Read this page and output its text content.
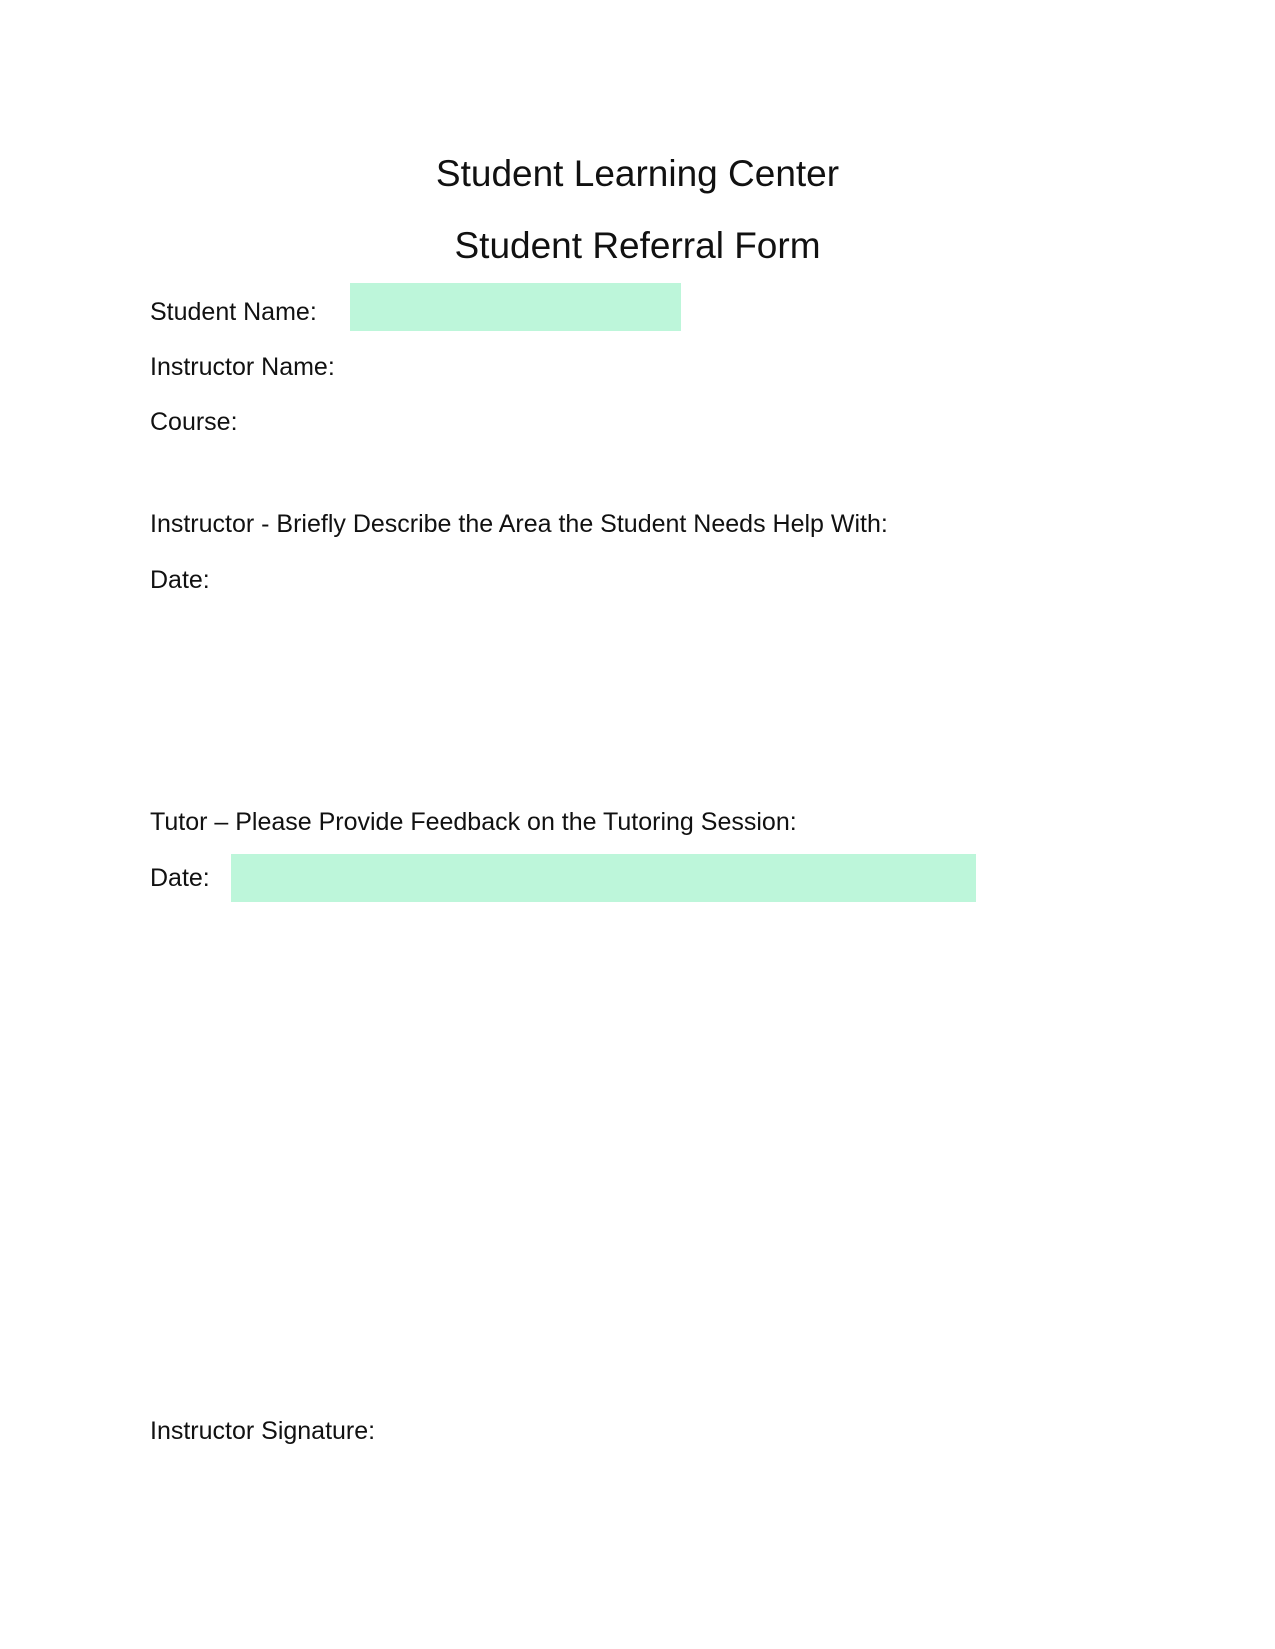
Student Learning Center
Student Referral Form
Student Name:
Instructor Name:
Course:
Instructor - Briefly Describe the Area the Student Needs Help With:
Date:
Tutor – Please Provide Feedback on the Tutoring Session:
Date:
Instructor Signature:
